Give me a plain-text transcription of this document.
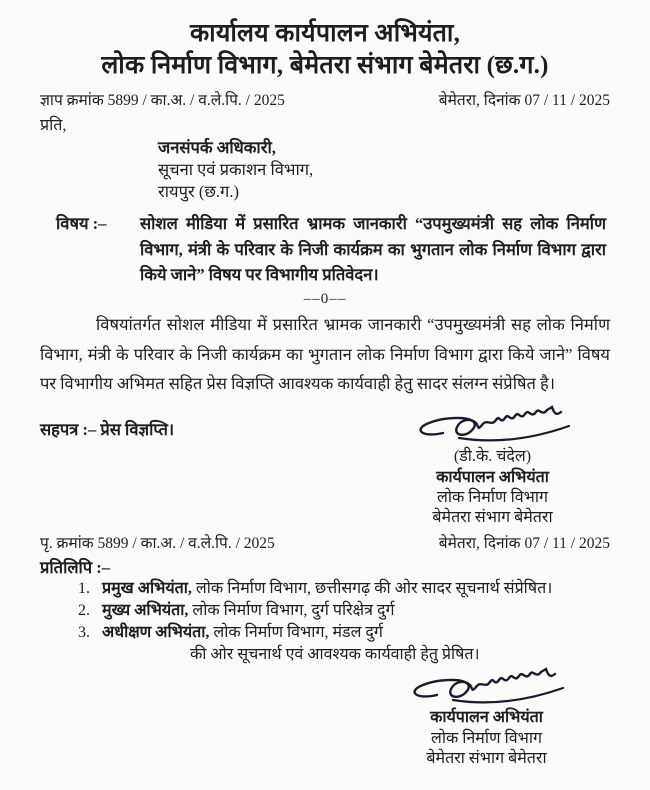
कार्यालय कार्यपालन अभियंता,
लोक निर्माण विभाग, बेमेतरा संभाग बेमेतरा (छ.ग.)
ज्ञाप क्रमांक 5899 / का.अ. / व.ले.पि. / 2025	बेमेतरा, दिनांक 07 / 11 / 2025
प्रति,
जनसंपर्क अधिकारी,
सूचना एवं प्रकाशन विभाग,
रायपुर (छ.ग.)
विषय :–	सोशल मीडिया में प्रसारित भ्रामक जानकारी “उपमुख्यमंत्री सह लोक निर्माण विभाग, मंत्री के परिवार के निजी कार्यक्रम का भुगतान लोक निर्माण विभाग द्वारा किये जाने” विषय पर विभागीय प्रतिवेदन।
––0––
विषयांतर्गत सोशल मीडिया में प्रसारित भ्रामक जानकारी “उपमुख्यमंत्री सह लोक निर्माण विभाग, मंत्री के परिवार के निजी कार्यक्रम का भुगतान लोक निर्माण विभाग द्वारा किये जाने” विषय पर विभागीय अभिमत सहित प्रेस विज्ञप्ति आवश्यक कार्यवाही हेतु सादर संलग्न संप्रेषित है।
सहपत्र :– प्रेस विज्ञप्ति।
(डी.के. चंदेल)
कार्यपालन अभियंता
लोक निर्माण विभाग
बेमेतरा संभाग बेमेतरा
पृ. क्रमांक 5899 / का.अ. / व.ले.पि. / 2025	बेमेतरा, दिनांक 07 / 11 / 2025
प्रतिलिपि :–
1. प्रमुख अभियंता, लोक निर्माण विभाग, छत्तीसगढ़ की ओर सादर सूचनार्थ संप्रेषित।
2. मुख्य अभियंता, लोक निर्माण विभाग, दुर्ग परिक्षेत्र दुर्ग
3. अधीक्षण अभियंता, लोक निर्माण विभाग, मंडल दुर्ग
की ओर सूचनार्थ एवं आवश्यक कार्यवाही हेतु प्रेषित।
कार्यपालन अभियंता
लोक निर्माण विभाग
बेमेतरा संभाग बेमेतरा
